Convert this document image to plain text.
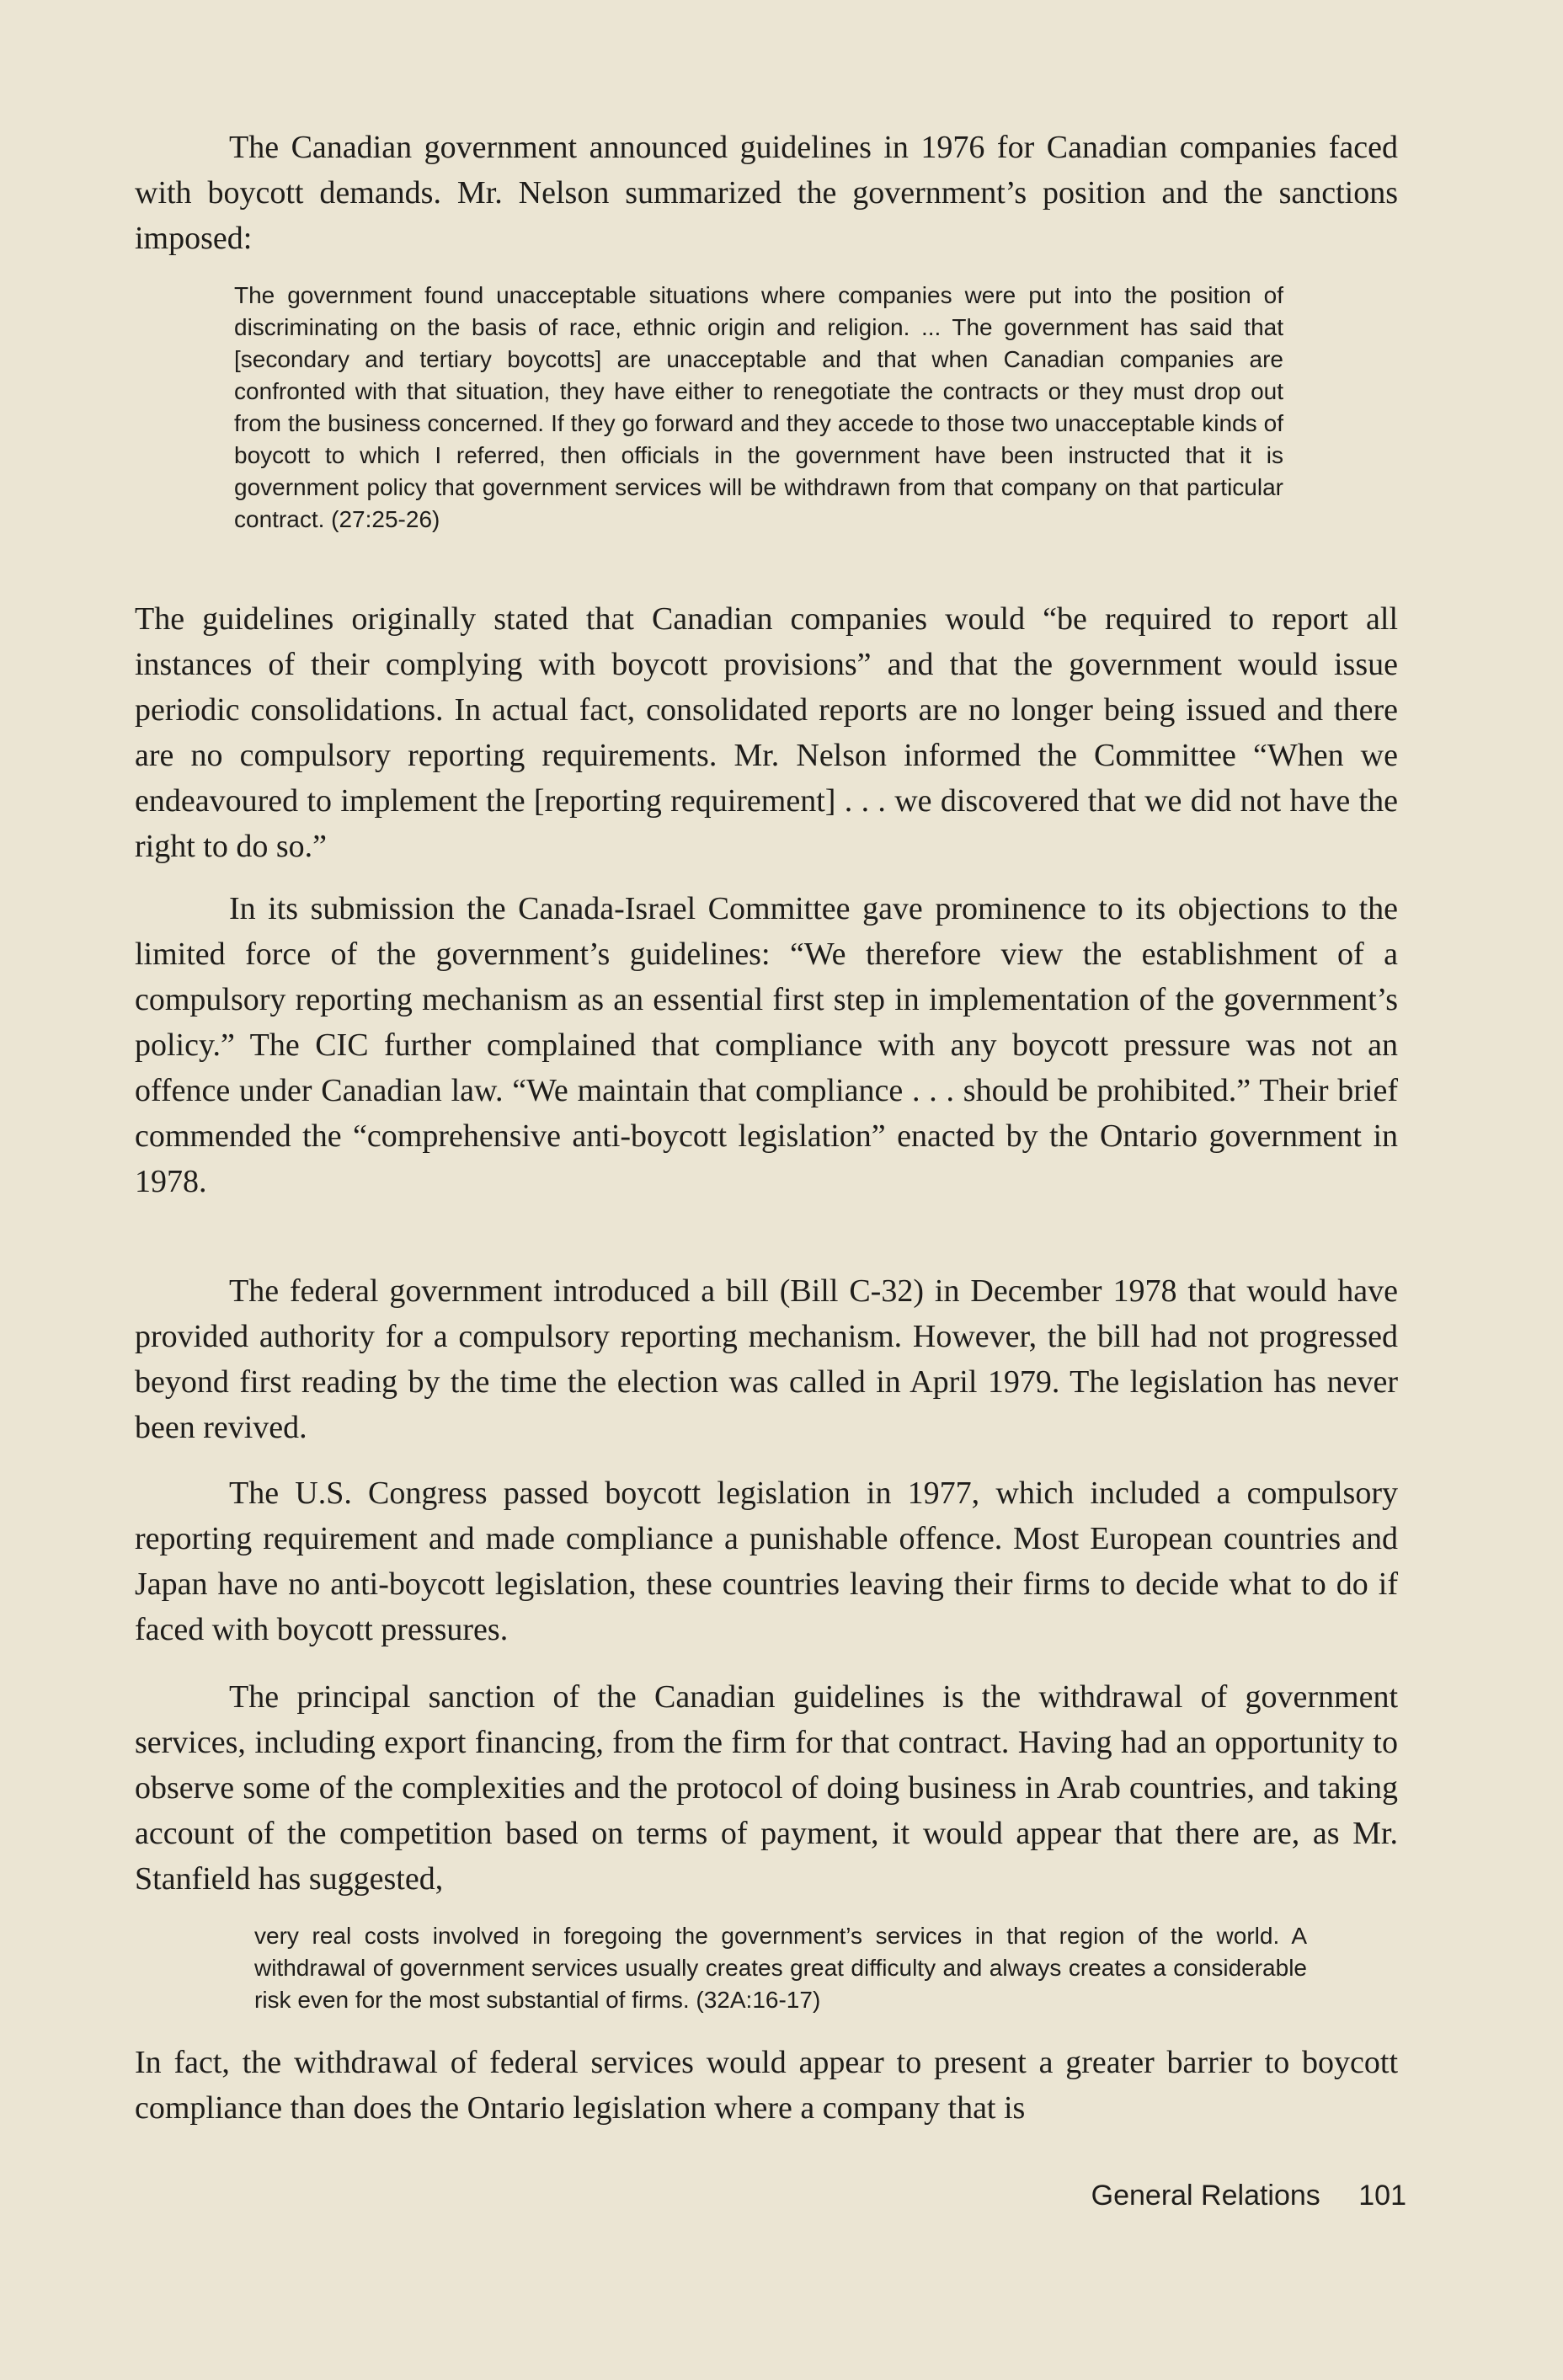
The Canadian government announced guidelines in 1976 for Canadian companies faced with boycott demands. Mr. Nelson summarized the government’s position and the sanctions imposed:

The government found unacceptable situations where companies were put into the position of discriminating on the basis of race, ethnic origin and religion. ... The government has said that [secondary and tertiary boycotts] are unacceptable and that when Canadian companies are confronted with that situation, they have either to renegotiate the contracts or they must drop out from the business concerned. If they go forward and they accede to those two unacceptable kinds of boycott to which I referred, then officials in the government have been instructed that it is government policy that government services will be withdrawn from that company on that particular contract. (27:25-26)

The guidelines originally stated that Canadian companies would “be required to report all instances of their complying with boycott provisions” and that the government would issue periodic consolidations. In actual fact, consolidated reports are no longer being issued and there are no compulsory reporting requirements. Mr. Nelson informed the Committee “When we endeavoured to implement the [reporting requirement] . . . we discovered that we did not have the right to do so.”

In its submission the Canada-Israel Committee gave prominence to its objections to the limited force of the government’s guidelines: “We therefore view the establishment of a compulsory reporting mechanism as an essential first step in implementation of the government’s policy.” The CIC further complained that compliance with any boycott pressure was not an offence under Canadian law. “We maintain that compliance . . . should be prohibited.” Their brief commended the “comprehensive anti-boycott legislation” enacted by the Ontario government in 1978.

The federal government introduced a bill (Bill C-32) in December 1978 that would have provided authority for a compulsory reporting mechanism. However, the bill had not progressed beyond first reading by the time the election was called in April 1979. The legislation has never been revived.

The U.S. Congress passed boycott legislation in 1977, which included a compulsory reporting requirement and made compliance a punishable offence. Most European countries and Japan have no anti-boycott legislation, these countries leaving their firms to decide what to do if faced with boycott pressures.

The principal sanction of the Canadian guidelines is the withdrawal of government services, including export financing, from the firm for that contract. Having had an opportunity to observe some of the complexities and the protocol of doing business in Arab countries, and taking account of the competition based on terms of payment, it would appear that there are, as Mr. Stanfield has suggested,

very real costs involved in foregoing the government’s services in that region of the world. A withdrawal of government services usually creates great difficulty and always creates a considerable risk even for the most substantial of firms. (32A:16-17)

In fact, the withdrawal of federal services would appear to present a greater barrier to boycott compliance than does the Ontario legislation where a company that is

General Relations 101
